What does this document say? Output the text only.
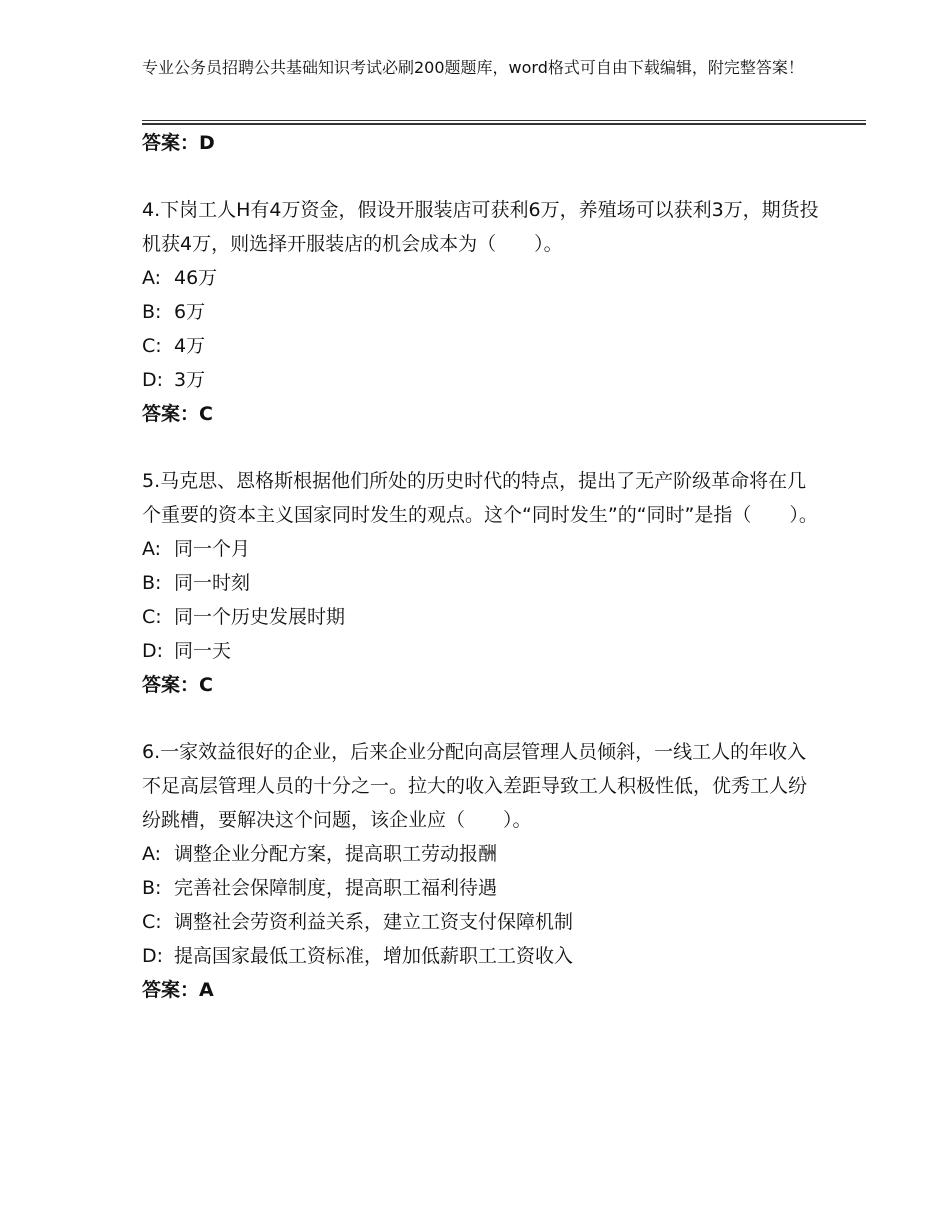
专业公务员招聘公共基础知识考试必刷200题题库，word格式可自由下载编辑，附完整答案！

答案：D

4.下岗工人H有4万资金，假设开服装店可获利6万，养殖场可以获利3万，期货投机获4万，则选择开服装店的机会成本为（　　）。

A: 46万
B: 6万
C: 4万
D: 3万

答案：C

5.马克思、恩格斯根据他们所处的历史时代的特点，提出了无产阶级革命将在几个重要的资本主义国家同时发生的观点。这个“同时发生”的“同时”是指（　　）。

A: 同一个月
B: 同一时刻
C: 同一个历史发展时期
D: 同一天

答案：C

6.一家效益很好的企业，后来企业分配向高层管理人员倾斜，一线工人的年收入不足高层管理人员的十分之一。拉大的收入差距导致工人积极性低，优秀工人纷纷跳槽，要解决这个问题，该企业应（　　）。

A: 调整企业分配方案，提高职工劳动报酬
B: 完善社会保障制度，提高职工福利待遇
C: 调整社会劳资利益关系，建立工资支付保障机制
D: 提高国家最低工资标准，增加低薪职工工资收入

答案：A
